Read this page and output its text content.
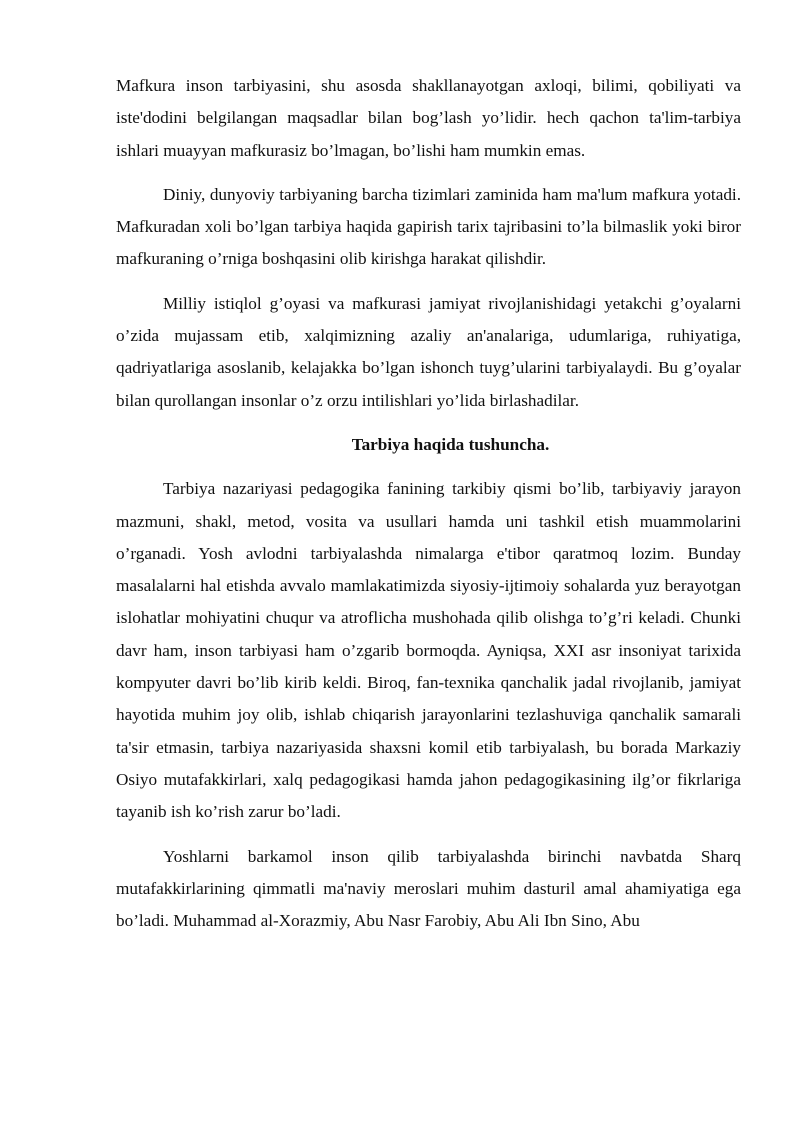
Mafkura inson tarbiyasini, shu asosda shakllanayotgan axloqi, bilimi, qobiliyati va iste'dodini belgilangan maqsadlar bilan bog’lash yo’lidir. hech qachon ta'lim-tarbiya ishlari muayyan mafkurasiz bo’lmagan, bo’lishi ham mumkin emas.

Diniy, dunyoviy tarbiyaning barcha tizimlari zaminida ham ma'lum mafkura yotadi. Mafkuradan xoli bo’lgan tarbiya haqida gapirish tarix tajribasini to’la bilmaslik yoki biror mafkuraning o’rniga boshqasini olib kirishga harakat qilishdir.

Milliy istiqlol g’oyasi va mafkurasi jamiyat rivojlanishidagi yetakchi g’oyalarni o’zida mujassam etib, xalqimizning azaliy an'analariga, udumlariga, ruhiyatiga, qadriyatlariga asoslanib, kelajakka bo’lgan ishonch tuyg’ularini tarbiyalaydi. Bu g’oyalar bilan qurollangan insonlar o’z orzu intilishlari yo’lida birlashadilar.

Tarbiya haqida tushuncha.

Tarbiya nazariyasi pedagogika fanining tarkibiy qismi bo’lib, tarbiyaviy jarayon mazmuni, shakl, metod, vosita va usullari hamda uni tashkil etish muammolarini o’rganadi. Yosh avlodni tarbiyalashda nimalarga e'tibor qaratmoq lozim. Bunday masalalarni hal etishda avvalo mamlakatimizda siyosiy-ijtimoiy sohalarda yuz berayotgan islohatlar mohiyatini chuqur va atroflicha mushohada qilib olishga to’g’ri keladi. Chunki davr ham, inson tarbiyasi ham o’zgarib bormoqda. Ayniqsa, XXI asr insoniyat tarixida kompyuter davri bo’lib kirib keldi. Biroq, fan-texnika qanchalik jadal rivojlanib, jamiyat hayotida muhim joy olib, ishlab chiqarish jarayonlarini tezlashuviga qanchalik samarali ta'sir etmasin, tarbiya nazariyasida shaxsni komil etib tarbiyalash, bu borada Markaziy Osiyo mutafakkirlari, xalq pedagogikasi hamda jahon pedagogikasining ilg’or fikrlariga tayanib ish ko’rish zarur bo’ladi.

Yoshlarni barkamol inson qilib tarbiyalashda birinchi navbatda Sharq mutafakkirlarining qimmatli ma'naviy meroslari muhim dasturil amal ahamiyatiga ega bo’ladi. Muhammad al-Xorazmiy, Abu Nasr Farobiy, Abu Ali Ibn Sino, Abu
